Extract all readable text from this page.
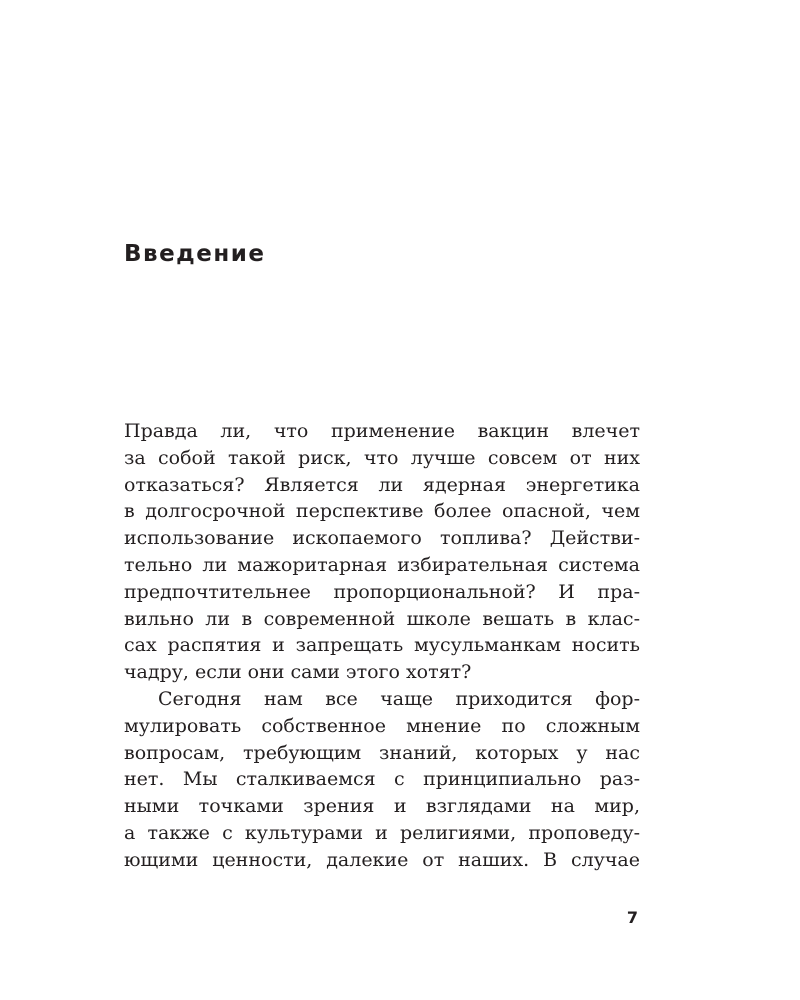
Введение
Правда ли, что применение вакцин влечет
за собой такой риск, что лучше совсем от них
отказаться? Является ли ядерная энергетика
в долгосрочной перспективе более опасной, чем
использование ископаемого топлива? Действи-
тельно ли мажоритарная избирательная система
предпочтительнее пропорциональной? И пра-
вильно ли в современной школе вешать в клас-
сах распятия и запрещать мусульманкам носить
чадру, если они сами этого хотят?
Сегодня нам все чаще приходится фор-
мулировать собственное мнение по сложным
вопросам, требующим знаний, которых у нас
нет. Мы сталкиваемся с принципиально раз-
ными точками зрения и взглядами на мир,
а также с культурами и религиями, проповеду-
ющими ценности, далекие от наших. В случае
7
